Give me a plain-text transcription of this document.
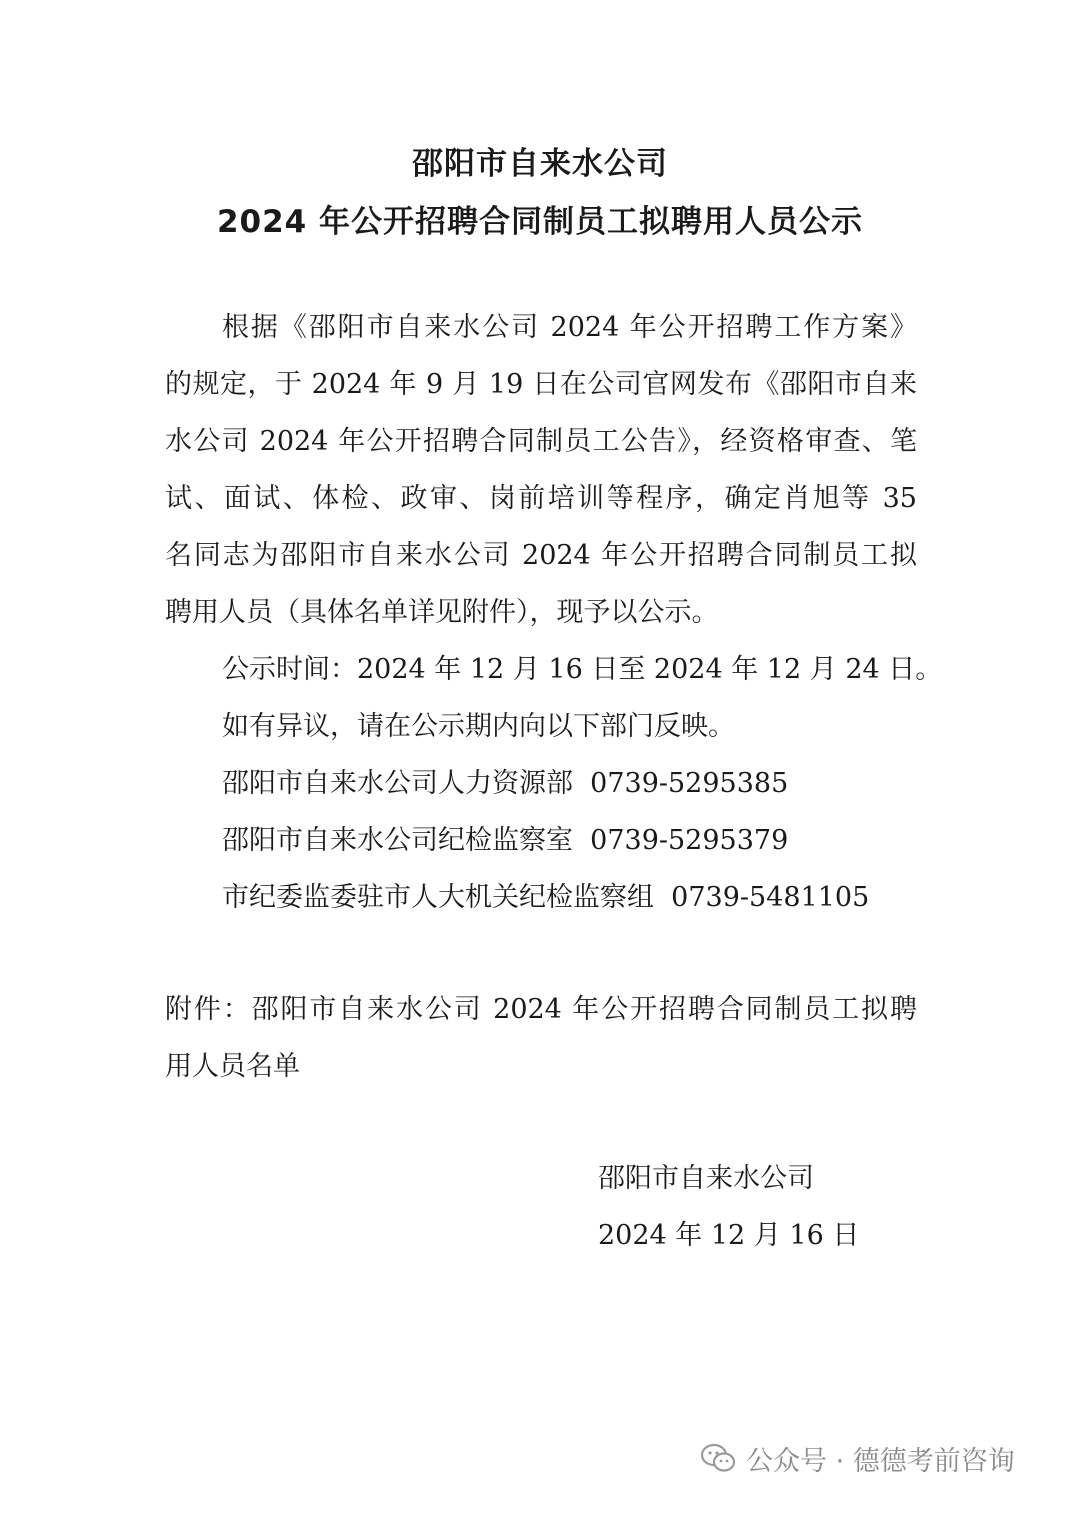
邵阳市自来水公司
2024 年公开招聘合同制员工拟聘用人员公示
根据《邵阳市自来水公司 2024 年公开招聘工作方案》
的规定，于 2024 年 9 月 19 日在公司官网发布《邵阳市自来
水公司 2024 年公开招聘合同制员工公告》，经资格审查、笔
试、面试、体检、政审、岗前培训等程序，确定肖旭等 35
名同志为邵阳市自来水公司 2024 年公开招聘合同制员工拟
聘用人员（具体名单详见附件），现予以公示。
公示时间：2024 年 12 月 16 日至 2024 年 12 月 24 日。
如有异议，请在公示期内向以下部门反映。
邵阳市自来水公司人力资源部  0739-5295385
邵阳市自来水公司纪检监察室  0739-5295379
市纪委监委驻市人大机关纪检监察组  0739-5481105
附件：邵阳市自来水公司 2024 年公开招聘合同制员工拟聘
用人员名单
邵阳市自来水公司
2024 年 12 月 16 日
公众号 · 德德考前咨询
